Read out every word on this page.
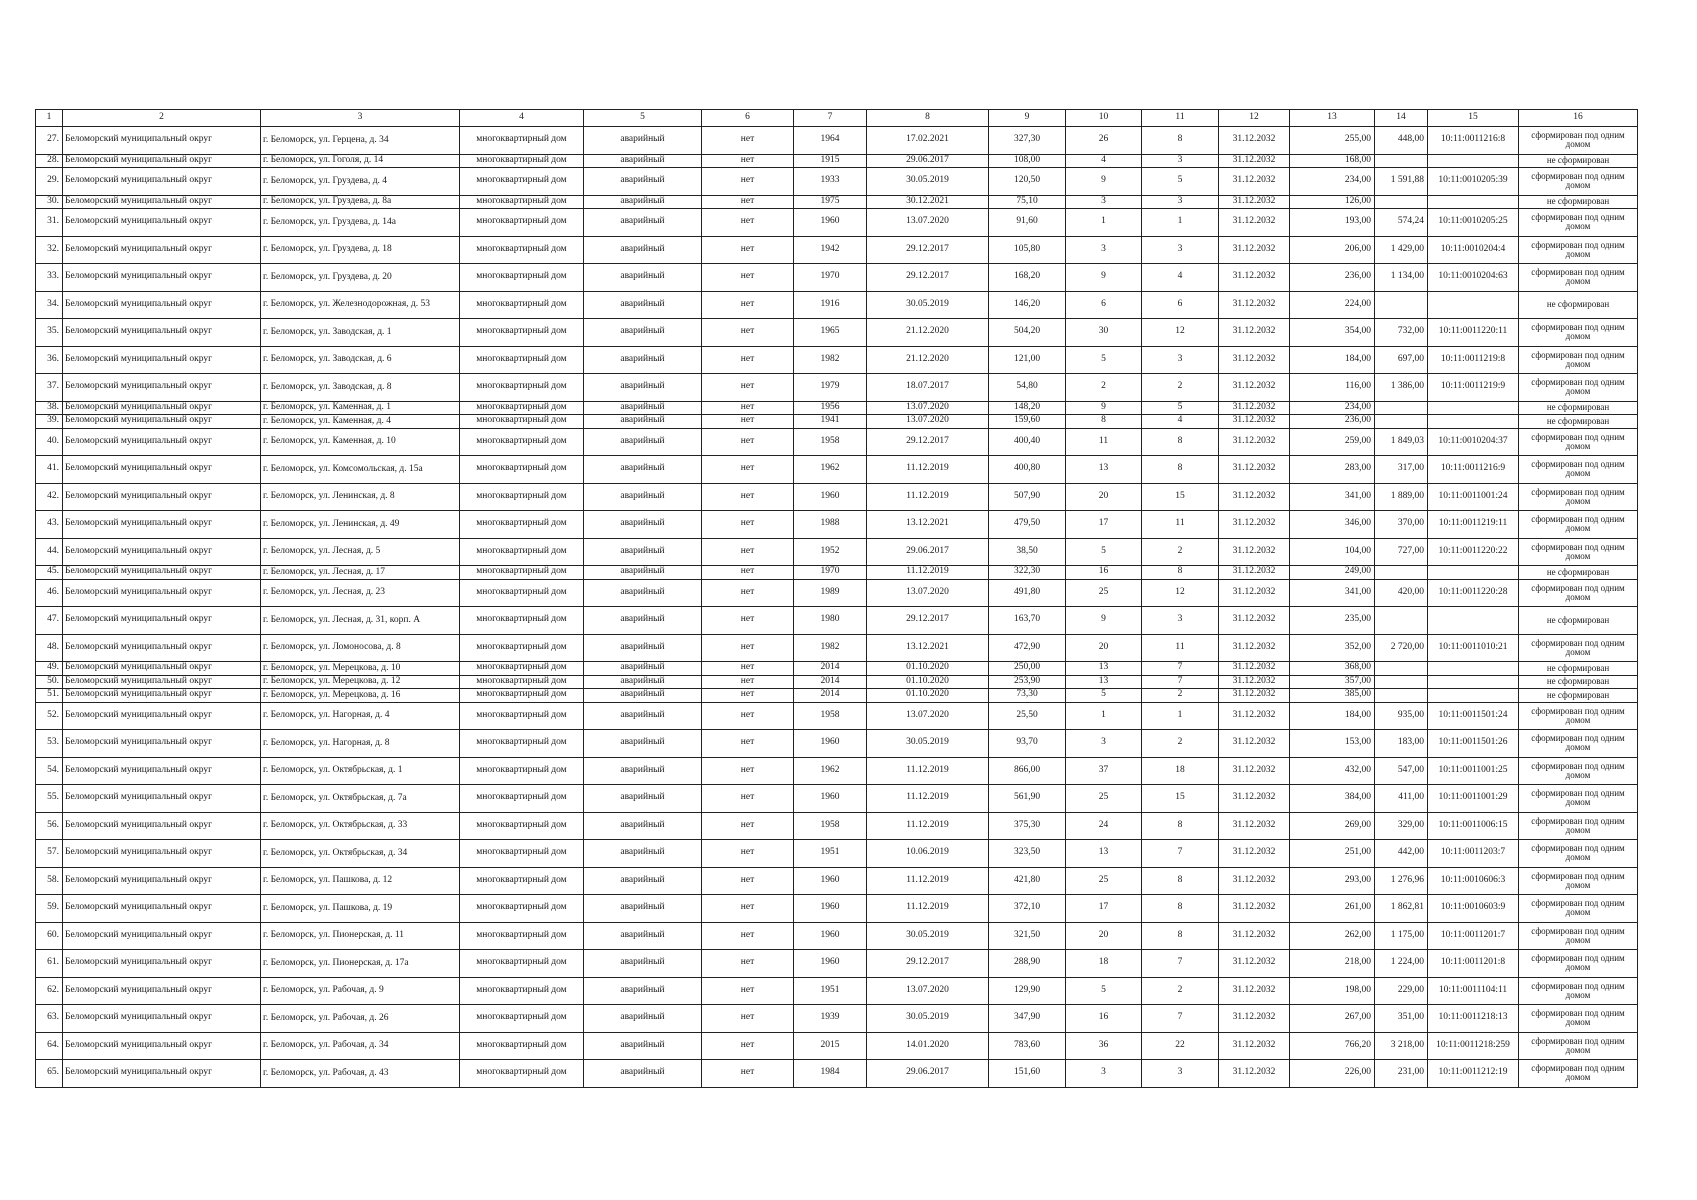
1	2	3	4	5	6	7	8	9	10	11	12	13	14	15	16
27.	Беломорский муниципальный округ	г. Беломорск, ул. Герцена, д. 34	многоквартирный дом	аварийный	нет	1964	17.02.2021	327,30	26	8	31.12.2032	255,00	448,00	10:11:0011216:8	сформирован под одним домом
28.	Беломорский муниципальный округ	г. Беломорск, ул. Гоголя, д. 14	многоквартирный дом	аварийный	нет	1915	29.06.2017	108,00	4	3	31.12.2032	168,00			не сформирован
29.	Беломорский муниципальный округ	г. Беломорск, ул. Груздева, д. 4	многоквартирный дом	аварийный	нет	1933	30.05.2019	120,50	9	5	31.12.2032	234,00	1 591,88	10:11:0010205:39	сформирован под одним домом
30.	Беломорский муниципальный округ	г. Беломорск, ул. Груздева, д. 8а	многоквартирный дом	аварийный	нет	1975	30.12.2021	75,10	3	3	31.12.2032	126,00			не сформирован
31.	Беломорский муниципальный округ	г. Беломорск, ул. Груздева, д. 14а	многоквартирный дом	аварийный	нет	1960	13.07.2020	91,60	1	1	31.12.2032	193,00	574,24	10:11:0010205:25	сформирован под одним домом
32.	Беломорский муниципальный округ	г. Беломорск, ул. Груздева, д. 18	многоквартирный дом	аварийный	нет	1942	29.12.2017	105,80	3	3	31.12.2032	206,00	1 429,00	10:11:0010204:4	сформирован под одним домом
33.	Беломорский муниципальный округ	г. Беломорск, ул. Груздева, д. 20	многоквартирный дом	аварийный	нет	1970	29.12.2017	168,20	9	4	31.12.2032	236,00	1 134,00	10:11:0010204:63	сформирован под одним домом
34.	Беломорский муниципальный округ	г. Беломорск, ул. Железнодорожная, д. 53	многоквартирный дом	аварийный	нет	1916	30.05.2019	146,20	6	6	31.12.2032	224,00			не сформирован
35.	Беломорский муниципальный округ	г. Беломорск, ул. Заводская, д. 1	многоквартирный дом	аварийный	нет	1965	21.12.2020	504,20	30	12	31.12.2032	354,00	732,00	10:11:0011220:11	сформирован под одним домом
36.	Беломорский муниципальный округ	г. Беломорск, ул. Заводская, д. 6	многоквартирный дом	аварийный	нет	1982	21.12.2020	121,00	5	3	31.12.2032	184,00	697,00	10:11:0011219:8	сформирован под одним домом
37.	Беломорский муниципальный округ	г. Беломорск, ул. Заводская, д. 8	многоквартирный дом	аварийный	нет	1979	18.07.2017	54,80	2	2	31.12.2032	116,00	1 386,00	10:11:0011219:9	сформирован под одним домом
38.	Беломорский муниципальный округ	г. Беломорск, ул. Каменная, д. 1	многоквартирный дом	аварийный	нет	1956	13.07.2020	148,20	9	5	31.12.2032	234,00			не сформирован
39.	Беломорский муниципальный округ	г. Беломорск, ул. Каменная, д. 4	многоквартирный дом	аварийный	нет	1941	13.07.2020	159,60	8	4	31.12.2032	236,00			не сформирован
40.	Беломорский муниципальный округ	г. Беломорск, ул. Каменная, д. 10	многоквартирный дом	аварийный	нет	1958	29.12.2017	400,40	11	8	31.12.2032	259,00	1 849,03	10:11:0010204:37	сформирован под одним домом
41.	Беломорский муниципальный округ	г. Беломорск, ул. Комсомольская, д. 15а	многоквартирный дом	аварийный	нет	1962	11.12.2019	400,80	13	8	31.12.2032	283,00	317,00	10:11:0011216:9	сформирован под одним домом
42.	Беломорский муниципальный округ	г. Беломорск, ул. Ленинская, д. 8	многоквартирный дом	аварийный	нет	1960	11.12.2019	507,90	20	15	31.12.2032	341,00	1 889,00	10:11:0011001:24	сформирован под одним домом
43.	Беломорский муниципальный округ	г. Беломорск, ул. Ленинская, д. 49	многоквартирный дом	аварийный	нет	1988	13.12.2021	479,50	17	11	31.12.2032	346,00	370,00	10:11:0011219:11	сформирован под одним домом
44.	Беломорский муниципальный округ	г. Беломорск, ул. Лесная, д. 5	многоквартирный дом	аварийный	нет	1952	29.06.2017	38,50	5	2	31.12.2032	104,00	727,00	10:11:0011220:22	сформирован под одним домом
45.	Беломорский муниципальный округ	г. Беломорск, ул. Лесная, д. 17	многоквартирный дом	аварийный	нет	1970	11.12.2019	322,30	16	8	31.12.2032	249,00			не сформирован
46.	Беломорский муниципальный округ	г. Беломорск, ул. Лесная, д. 23	многоквартирный дом	аварийный	нет	1989	13.07.2020	491,80	25	12	31.12.2032	341,00	420,00	10:11:0011220:28	сформирован под одним домом
47.	Беломорский муниципальный округ	г. Беломорск, ул. Лесная, д. 31, корп. А	многоквартирный дом	аварийный	нет	1980	29.12.2017	163,70	9	3	31.12.2032	235,00			не сформирован
48.	Беломорский муниципальный округ	г. Беломорск, ул. Ломоносова, д. 8	многоквартирный дом	аварийный	нет	1982	13.12.2021	472,90	20	11	31.12.2032	352,00	2 720,00	10:11:0011010:21	сформирован под одним домом
49.	Беломорский муниципальный округ	г. Беломорск, ул. Мерецкова, д. 10	многоквартирный дом	аварийный	нет	2014	01.10.2020	250,00	13	7	31.12.2032	368,00			не сформирован
50.	Беломорский муниципальный округ	г. Беломорск, ул. Мерецкова, д. 12	многоквартирный дом	аварийный	нет	2014	01.10.2020	253,90	13	7	31.12.2032	357,00			не сформирован
51.	Беломорский муниципальный округ	г. Беломорск, ул. Мерецкова, д. 16	многоквартирный дом	аварийный	нет	2014	01.10.2020	73,30	5	2	31.12.2032	385,00			не сформирован
52.	Беломорский муниципальный округ	г. Беломорск, ул. Нагорная, д. 4	многоквартирный дом	аварийный	нет	1958	13.07.2020	25,50	1	1	31.12.2032	184,00	935,00	10:11:0011501:24	сформирован под одним домом
53.	Беломорский муниципальный округ	г. Беломорск, ул. Нагорная, д. 8	многоквартирный дом	аварийный	нет	1960	30.05.2019	93,70	3	2	31.12.2032	153,00	183,00	10:11:0011501:26	сформирован под одним домом
54.	Беломорский муниципальный округ	г. Беломорск, ул. Октябрьская, д. 1	многоквартирный дом	аварийный	нет	1962	11.12.2019	866,00	37	18	31.12.2032	432,00	547,00	10:11:0011001:25	сформирован под одним домом
55.	Беломорский муниципальный округ	г. Беломорск, ул. Октябрьская, д. 7а	многоквартирный дом	аварийный	нет	1960	11.12.2019	561,90	25	15	31.12.2032	384,00	411,00	10:11:0011001:29	сформирован под одним домом
56.	Беломорский муниципальный округ	г. Беломорск, ул. Октябрьская, д. 33	многоквартирный дом	аварийный	нет	1958	11.12.2019	375,30	24	8	31.12.2032	269,00	329,00	10:11:0011006:15	сформирован под одним домом
57.	Беломорский муниципальный округ	г. Беломорск, ул. Октябрьская, д. 34	многоквартирный дом	аварийный	нет	1951	10.06.2019	323,50	13	7	31.12.2032	251,00	442,00	10:11:0011203:7	сформирован под одним домом
58.	Беломорский муниципальный округ	г. Беломорск, ул. Пашкова, д. 12	многоквартирный дом	аварийный	нет	1960	11.12.2019	421,80	25	8	31.12.2032	293,00	1 276,96	10:11:0010606:3	сформирован под одним домом
59.	Беломорский муниципальный округ	г. Беломорск, ул. Пашкова, д. 19	многоквартирный дом	аварийный	нет	1960	11.12.2019	372,10	17	8	31.12.2032	261,00	1 862,81	10:11:0010603:9	сформирован под одним домом
60.	Беломорский муниципальный округ	г. Беломорск, ул. Пионерская, д. 11	многоквартирный дом	аварийный	нет	1960	30.05.2019	321,50	20	8	31.12.2032	262,00	1 175,00	10:11:0011201:7	сформирован под одним домом
61.	Беломорский муниципальный округ	г. Беломорск, ул. Пионерская, д. 17а	многоквартирный дом	аварийный	нет	1960	29.12.2017	288,90	18	7	31.12.2032	218,00	1 224,00	10:11:0011201:8	сформирован под одним домом
62.	Беломорский муниципальный округ	г. Беломорск, ул. Рабочая, д. 9	многоквартирный дом	аварийный	нет	1951	13.07.2020	129,90	5	2	31.12.2032	198,00	229,00	10:11:0011104:11	сформирован под одним домом
63.	Беломорский муниципальный округ	г. Беломорск, ул. Рабочая, д. 26	многоквартирный дом	аварийный	нет	1939	30.05.2019	347,90	16	7	31.12.2032	267,00	351,00	10:11:0011218:13	сформирован под одним домом
64.	Беломорский муниципальный округ	г. Беломорск, ул. Рабочая, д. 34	многоквартирный дом	аварийный	нет	2015	14.01.2020	783,60	36	22	31.12.2032	766,20	3 218,00	10:11:0011218:259	сформирован под одним домом
65.	Беломорский муниципальный округ	г. Беломорск, ул. Рабочая, д. 43	многоквартирный дом	аварийный	нет	1984	29.06.2017	151,60	3	3	31.12.2032	226,00	231,00	10:11:0011212:19	сформирован под одним домом
